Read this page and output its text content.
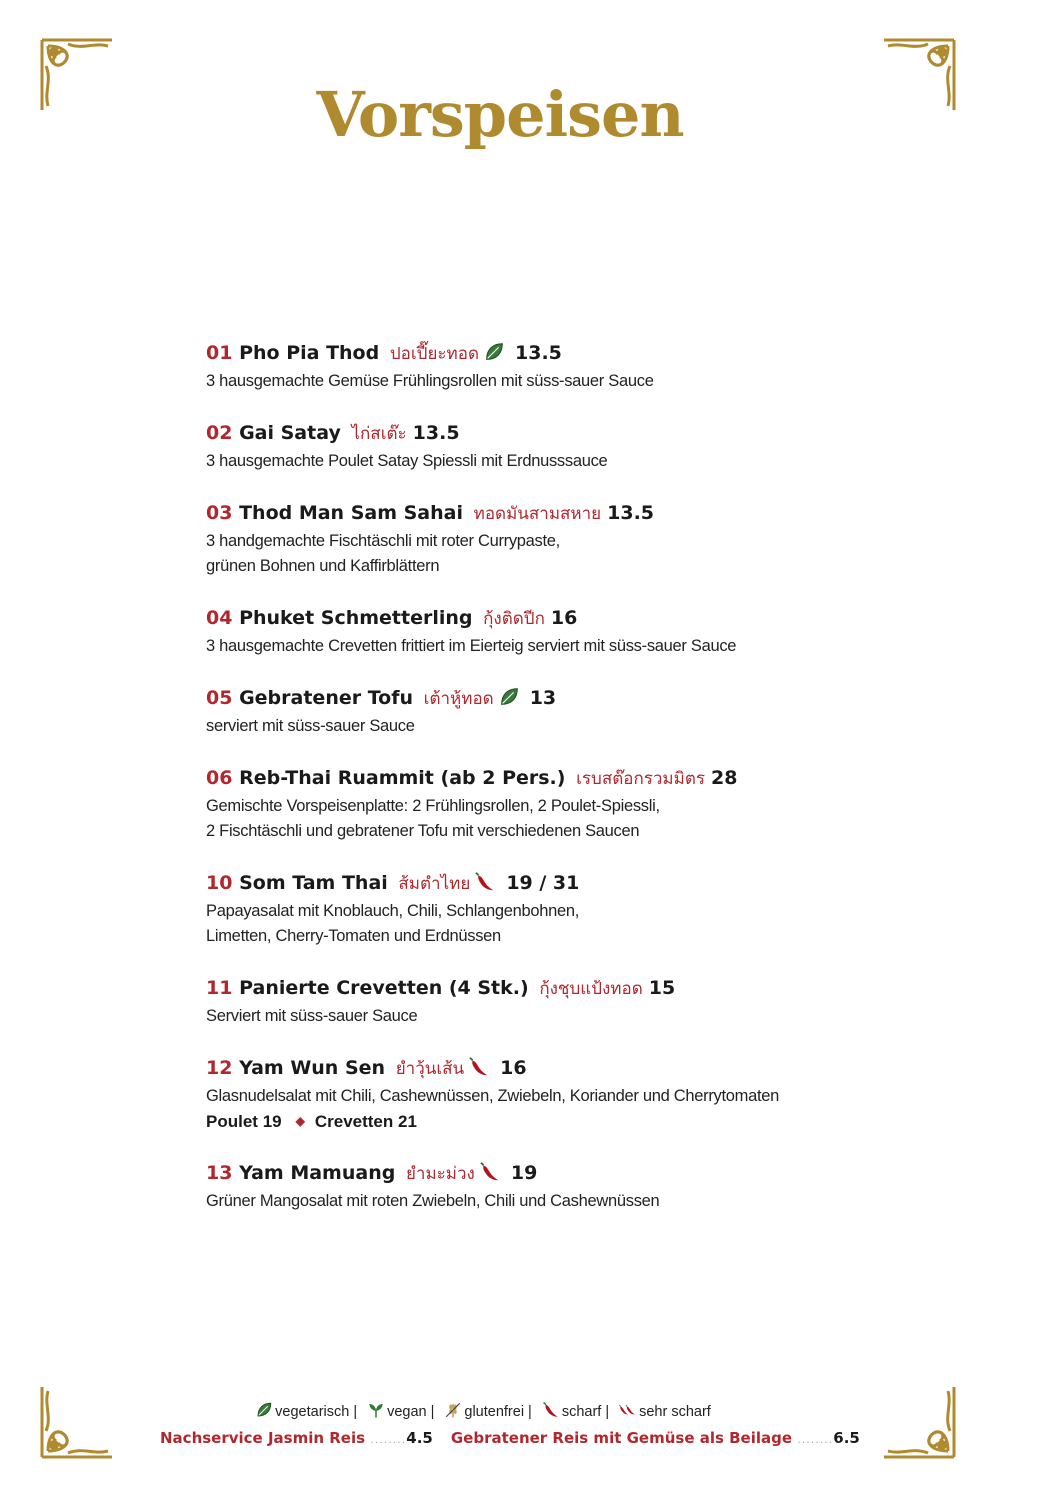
Vorspeisen
01 Pho Pia Thod ปอเปี๊ยะทอด 13.5
3 hausgemachte Gemüse Frühlingsrollen mit süss-sauer Sauce
02 Gai Satay ไก่สเต๊ะ 13.5
3 hausgemachte Poulet Satay Spiessli mit Erdnusssauce
03 Thod Man Sam Sahai ทอดมันสามสหาย 13.5
3 handgemachte Fischtäschli mit roter Currypaste,
grünen Bohnen und Kaffirblättern
04 Phuket Schmetterling กุ้งติดปีก 16
3 hausgemachte Crevetten frittiert im Eierteig serviert mit süss-sauer Sauce
05 Gebratener Tofu เต้าหู้ทอด 13
serviert mit süss-sauer Sauce
06 Reb-Thai Ruammit (ab 2 Pers.) เรบสต๊อกรวมมิตร 28
Gemischte Vorspeisenplatte: 2 Frühlingsrollen, 2 Poulet-Spiessli,
2 Fischtäschli und gebratener Tofu mit verschiedenen Saucen
10 Som Tam Thai ส้มตำไทย 19 / 31
Papayasalat mit Knoblauch, Chili, Schlangenbohnen,
Limetten, Cherry-Tomaten und Erdnüssen
11 Panierte Crevetten (4 Stk.) กุ้งชุบแป้งทอด 15
Serviert mit süss-sauer Sauce
12 Yam Wun Sen ยำวุ้นเส้น 16
Glasnudelsalat mit Chili, Cashewnüssen, Zwiebeln, Koriander und Cherrytomaten
Poulet 19 ◆ Crevetten 21
13 Yam Mamuang ยำมะม่วง 19
Grüner Mangosalat mit roten Zwiebeln, Chili und Cashewnüssen
vegetarisch | vegan | glutenfrei | scharf | sehr scharf
Nachservice Jasmin Reis ........4.5 Gebratener Reis mit Gemüse als Beilage ........6.5
